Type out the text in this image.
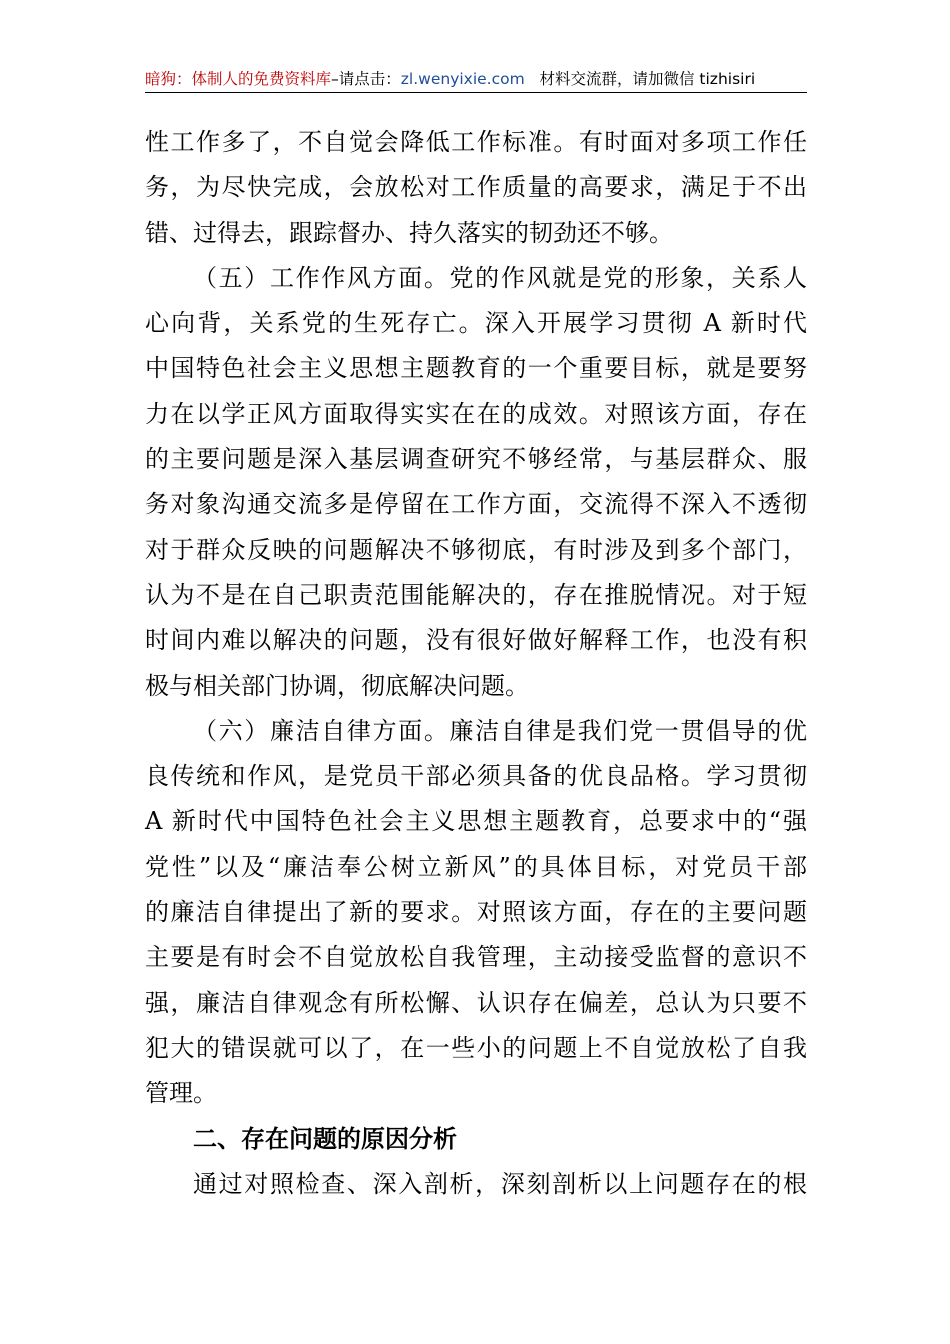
暗狗：体制人的免费资料库–请点击：zl.wenyixie.com 材料交流群，请加微信 tizhisiri
性工作多了，不自觉会降低工作标准。有时面对多项工作任
务，为尽快完成，会放松对工作质量的高要求，满足于不出
错、过得去，跟踪督办、持久落实的韧劲还不够。
（五）工作作风方面。党的作风就是党的形象，关系人
心向背，关系党的生死存亡。深入开展学习贯彻 A 新时代
中国特色社会主义思想主题教育的一个重要目标，就是要努
力在以学正风方面取得实实在在的成效。对照该方面，存在
的主要问题是深入基层调查研究不够经常，与基层群众、服
务对象沟通交流多是停留在工作方面，交流得不深入不透彻
对于群众反映的问题解决不够彻底，有时涉及到多个部门，
认为不是在自己职责范围能解决的，存在推脱情况。对于短
时间内难以解决的问题，没有很好做好解释工作，也没有积
极与相关部门协调，彻底解决问题。
（六）廉洁自律方面。廉洁自律是我们党一贯倡导的优
良传统和作风，是党员干部必须具备的优良品格。学习贯彻
A 新时代中国特色社会主义思想主题教育，总要求中的“强
党性”以及“廉洁奉公树立新风”的具体目标，对党员干部
的廉洁自律提出了新的要求。对照该方面，存在的主要问题
主要是有时会不自觉放松自我管理，主动接受监督的意识不
强，廉洁自律观念有所松懈、认识存在偏差，总认为只要不
犯大的错误就可以了，在一些小的问题上不自觉放松了自我
管理。
二、存在问题的原因分析
通过对照检查、深入剖析，深刻剖析以上问题存在的根
